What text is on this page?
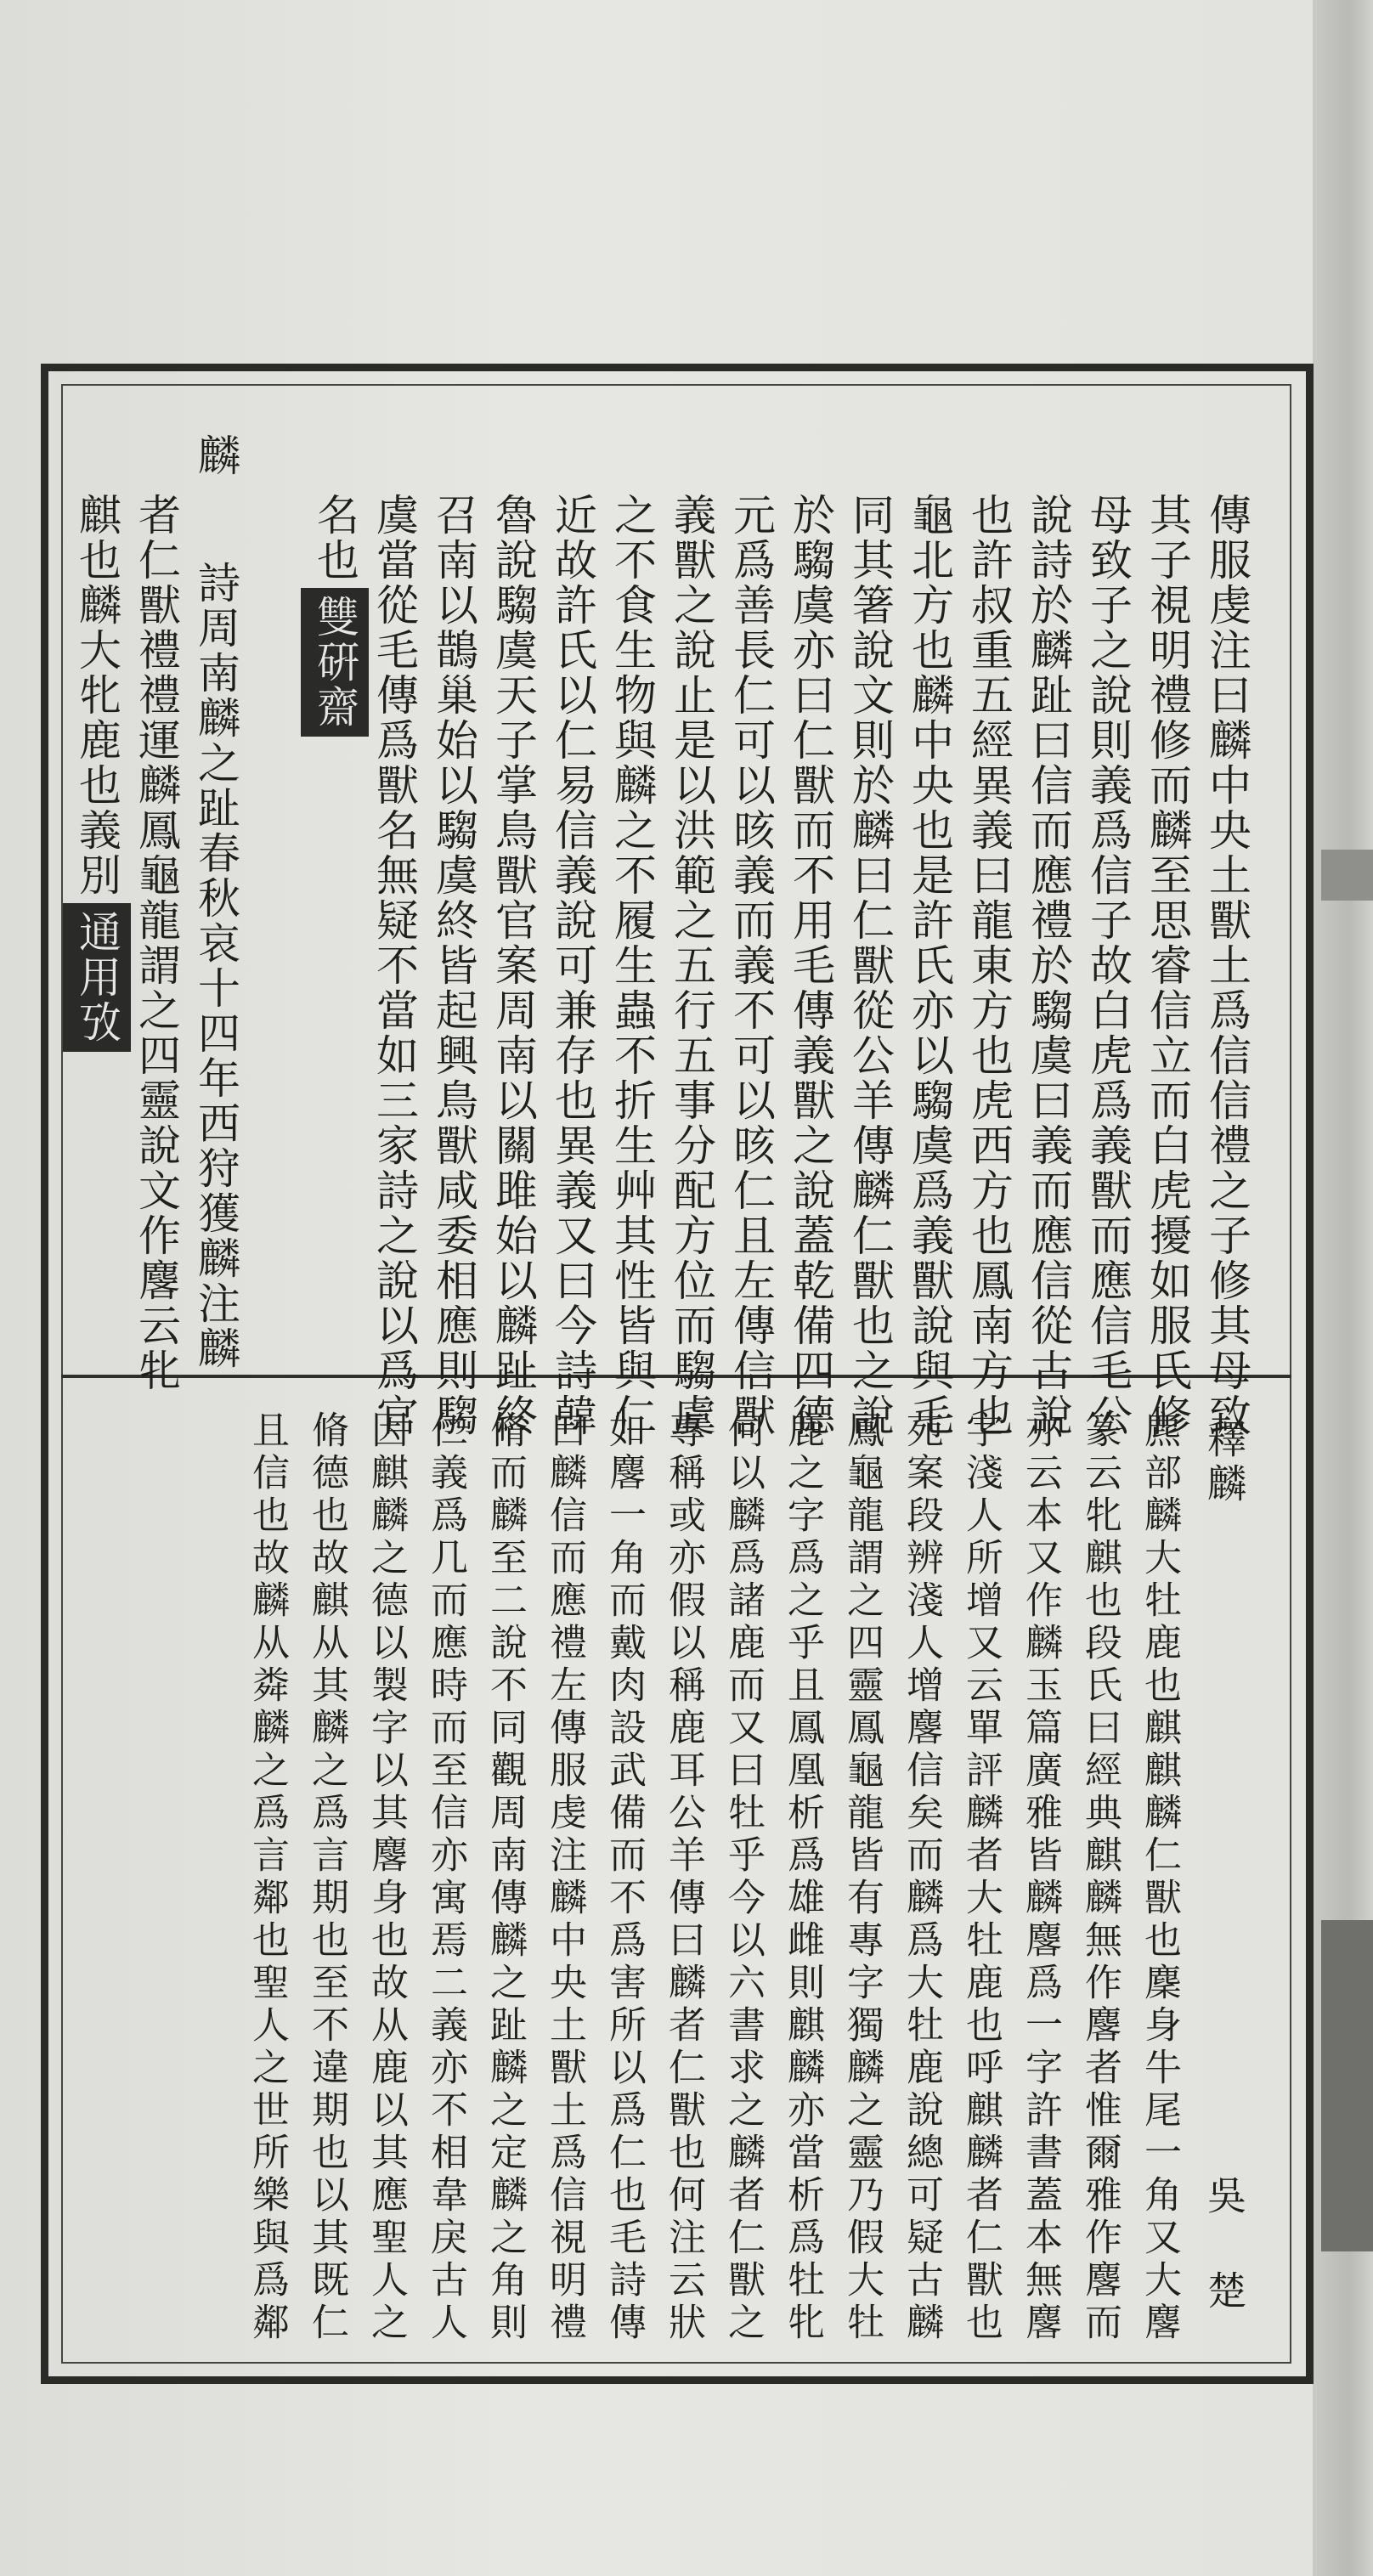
傳服虔注曰麟中央土獸土爲信信禮之子修其母致
其子視明禮修而麟至思睿信立而白虎擾如服氏修
母致子之說則義爲信子故白虎爲義獸而應信毛公
說詩於麟趾曰信而應禮於騶虞曰義而應信從古說
也許叔重五經異義曰龍東方也虎西方也鳳南方也
龜北方也麟中央也是許氏亦以騶虞爲義獸說與毛
同其箸說文則於麟曰仁獸從公羊傳麟仁獸也之說
於騶虞亦曰仁獸而不用毛傳義獸之說蓋乾備四德
元爲善長仁可以晐義而義不可以晐仁且左傳信獸
義獸之說止是以洪範之五行五事分配方位而騶虞
之不食生物與麟之不履生蟲不折生艸其性皆與仁
近故許氏以仁易信義說可兼存也異義又曰今詩韓
魯說騶虞天子掌鳥獸官案周南以關雎始以麟趾終
召南以鵲巢始以騶虞終皆起興鳥獸咸委相應則騶
虞當從毛傳爲獸名無疑不當如三家詩之說以爲官
名也雙硏齋
麟
詩周南麟之趾春秋哀十四年西狩獲麟注麟
者仁獸禮禮運麟鳳龜龍謂之四靈說文作麐云牝
麒也麟大牝鹿也義別通用攷
釋麟
吳 楚
麃部麟大牡鹿也麒麒麟仁獸也麇身牛尾一角又大麐
篆云牝麒也段氏曰經典麒麟無作麐者惟爾雅作麐而
亦云本又作麟玉篇廣雅皆麟麐爲一字許書蓋本無麐
字淺人所增又云單評麟者大牡鹿也呼麒麟者仁獸也
苑案段辨淺人增麐信矣而麟爲大牡鹿說總可疑古麟
鳳龜龍謂之四靈鳳龜龍皆有專字獨麟之靈乃假大牡
鹿之字爲之乎且鳳凰析爲雄雌則麒麟亦當析爲牡牝
何以麟爲諸鹿而又曰牡乎今以六書求之麟者仁獸之
專稱或亦假以稱鹿耳公羊傳曰麟者仁獸也何注云狀
如麐一角而戴肉設武備而不爲害所以爲仁也毛詩傳
曰麟信而應禮左傳服虔注麟中央土獸土爲信視明禮
脩而麟至二說不同觀周南傳麟之趾麟之定麟之角則
仁義爲几而應時而至信亦寓焉二義亦不相韋戾古人
因麒麟之德以製字以其麐身也故从鹿以其應聖人之
脩德也故麒从其麟之爲言期也至不違期也以其既仁
且信也故麟从粦麟之爲言鄰也聖人之世所樂與爲鄰
